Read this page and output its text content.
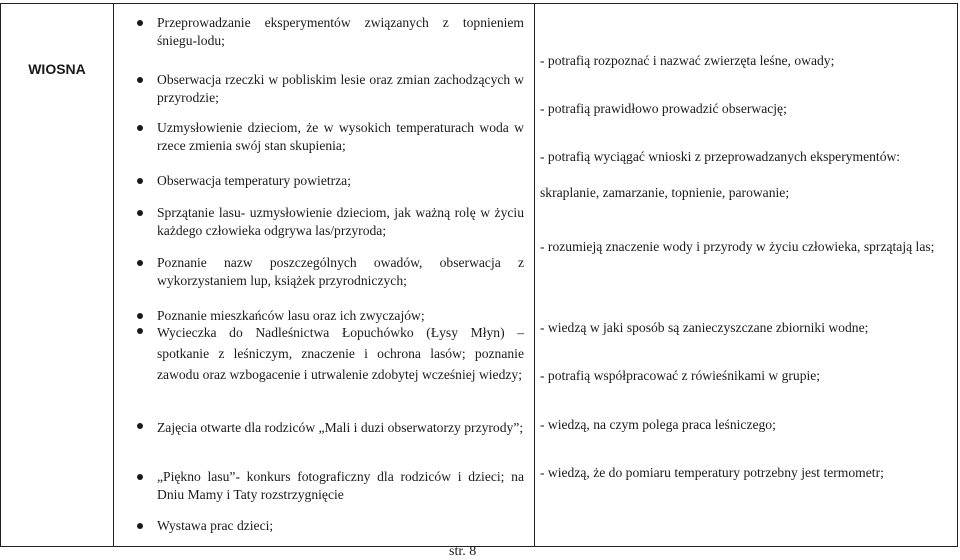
WIOSNA

Przeprowadzanie eksperymentów związanych z topnieniem śniegu-lodu;
Obserwacja rzeczki w pobliskim lesie oraz zmian zachodzących w przyrodzie;
Uzmysłowienie dzieciom, że w wysokich temperaturach woda w rzece zmienia swój stan skupienia;
Obserwacja temperatury powietrza;
Sprzątanie lasu- uzmysłowienie dzieciom, jak ważną rolę w życiu każdego człowieka odgrywa las/przyroda;
Poznanie nazw poszczególnych owadów, obserwacja z wykorzystaniem lup, książek przyrodniczych;
Poznanie mieszkańców lasu oraz ich zwyczajów;
Wycieczka do Nadleśnictwa Łopuchówko (Łysy Młyn) – spotkanie z leśniczym, znaczenie i ochrona lasów; poznanie zawodu oraz wzbogacenie i utrwalenie zdobytej wcześniej wiedzy;
Zajęcia otwarte dla rodziców „Mali i duzi obserwatorzy przyrody”;
„Piękno lasu”- konkurs fotograficzny dla rodziców i dzieci; na Dniu Mamy i Taty rozstrzygnięcie
Wystawa prac dzieci;

- potrafią rozpoznać i nazwać zwierzęta leśne, owady;
- potrafią prawidłowo prowadzić obserwację;
- potrafią wyciągać wnioski z przeprowadzanych eksperymentów:
skraplanie, zamarzanie, topnienie, parowanie;
- rozumieją znaczenie wody i przyrody w życiu człowieka, sprzątają las;
- wiedzą w jaki sposób są zanieczyszczane zbiorniki wodne;
- potrafią współpracować z rówieśnikami w grupie;
- wiedzą, na czym polega praca leśniczego;
- wiedzą, że do pomiaru temperatury potrzebny jest termometr;
str. 8
